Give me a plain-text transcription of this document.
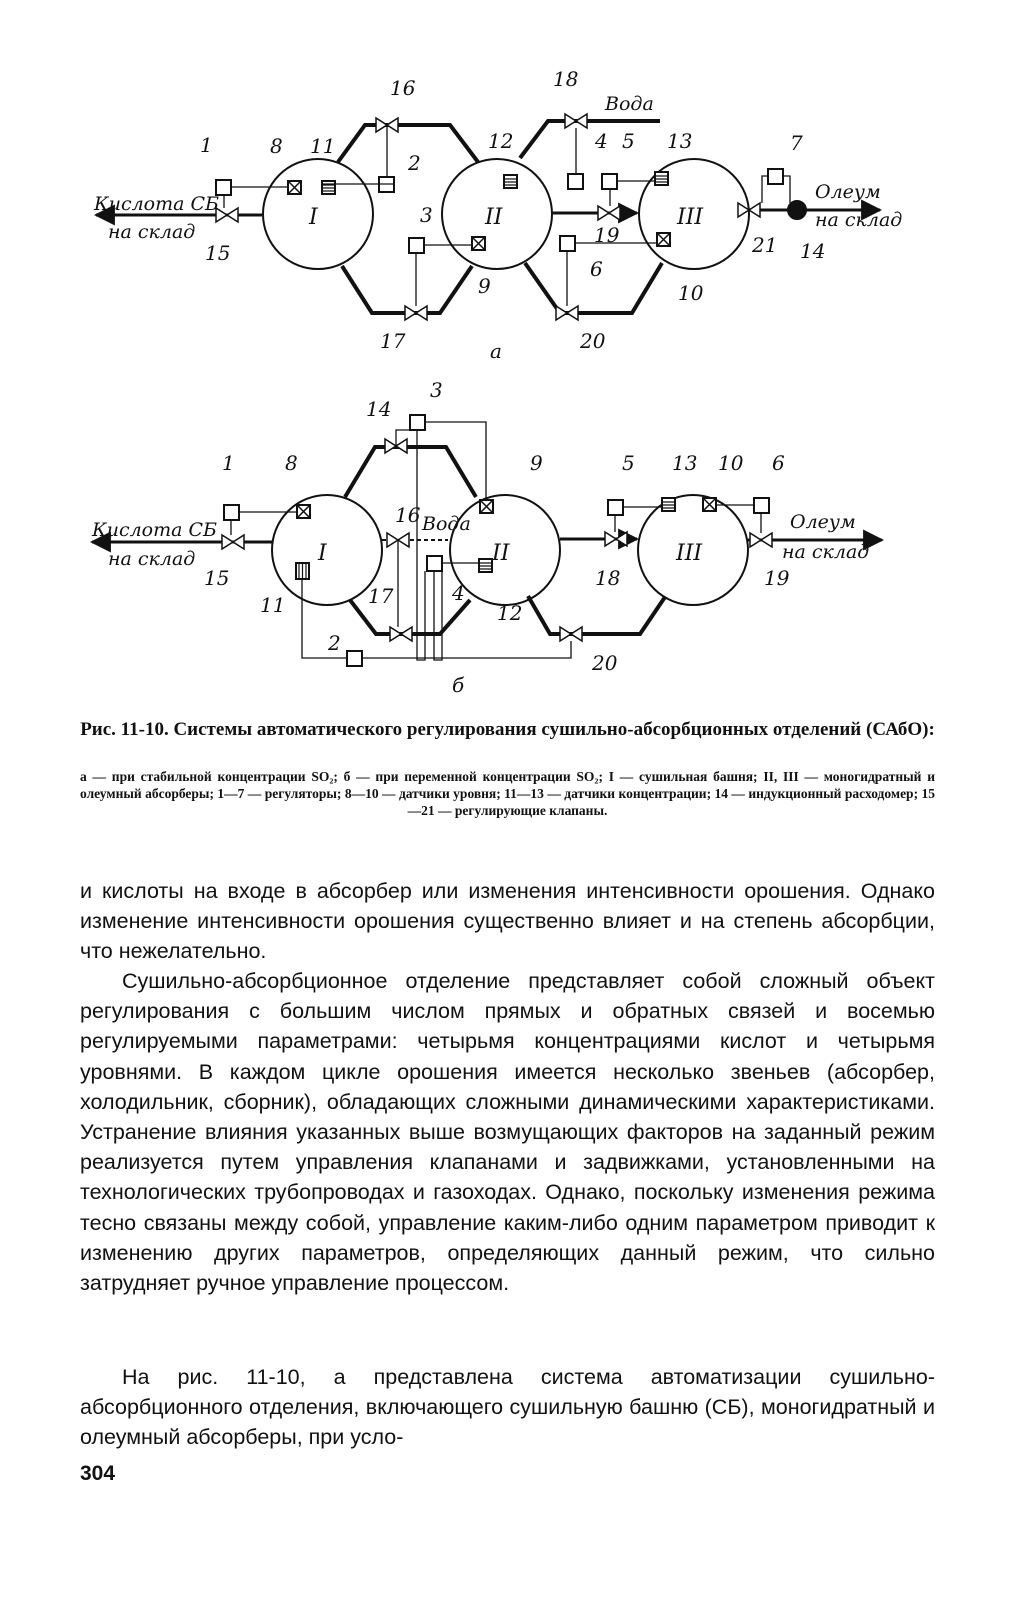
I	II	III
Кислота СБ
на склад
Олеум
на склад
Вода
а
1
2
3
4 5
6
7
8
9	10
11	12	13
14
15
16
17
18
19
20
21
I	II	III
Кислота СБ
на склад
Олеум
на склад
Вода
б
1
2
3
4
5	6
8	9	10
11	12
13
14
15
16
17
18	19
20
Рис. 11-10. Системы автоматического регулирования сушильно-абсорбционных отделений (САбО):
а — при стабильной концентрации SO₂; б — при переменной концентрации SO₂; I — сушильная башня; II, III — моногидратный и олеумный абсорберы; 1—7 — регуляторы; 8—10 — датчики уровня; 11—13 — датчики концентрации; 14 — индукционный расходомер; 15—21 — регулирующие клапаны.
и кислоты на входе в абсорбер или изменения интенсивности орошения. Однако изменение интенсивности орошения существенно влияет и на степень абсорбции, что нежелательно.
Сушильно-абсорбционное отделение представляет собой сложный объект регулирования с большим числом прямых и обратных связей и восемью регулируемыми параметрами: четырьмя концентрациями кислот и четырьмя уровнями. В каждом цикле орошения имеется несколько звеньев (абсорбер, холодильник, сборник), обладающих сложными динамическими характеристиками. Устранение влияния указанных выше возмущающих факторов на заданный режим реализуется путем управления клапанами и задвижками, установленными на технологических трубопроводах и газоходах. Однако, поскольку изменения режима тесно связаны между собой, управление каким-либо одним параметром приводит к изменению других параметров, определяющих данный режим, что сильно затрудняет ручное управление процессом.
На рис. 11-10, а представлена система автоматизации сушильно-абсорбционного отделения, включающего сушильную башню (СБ), моногидратный и олеумный абсорберы, при усло-
304
